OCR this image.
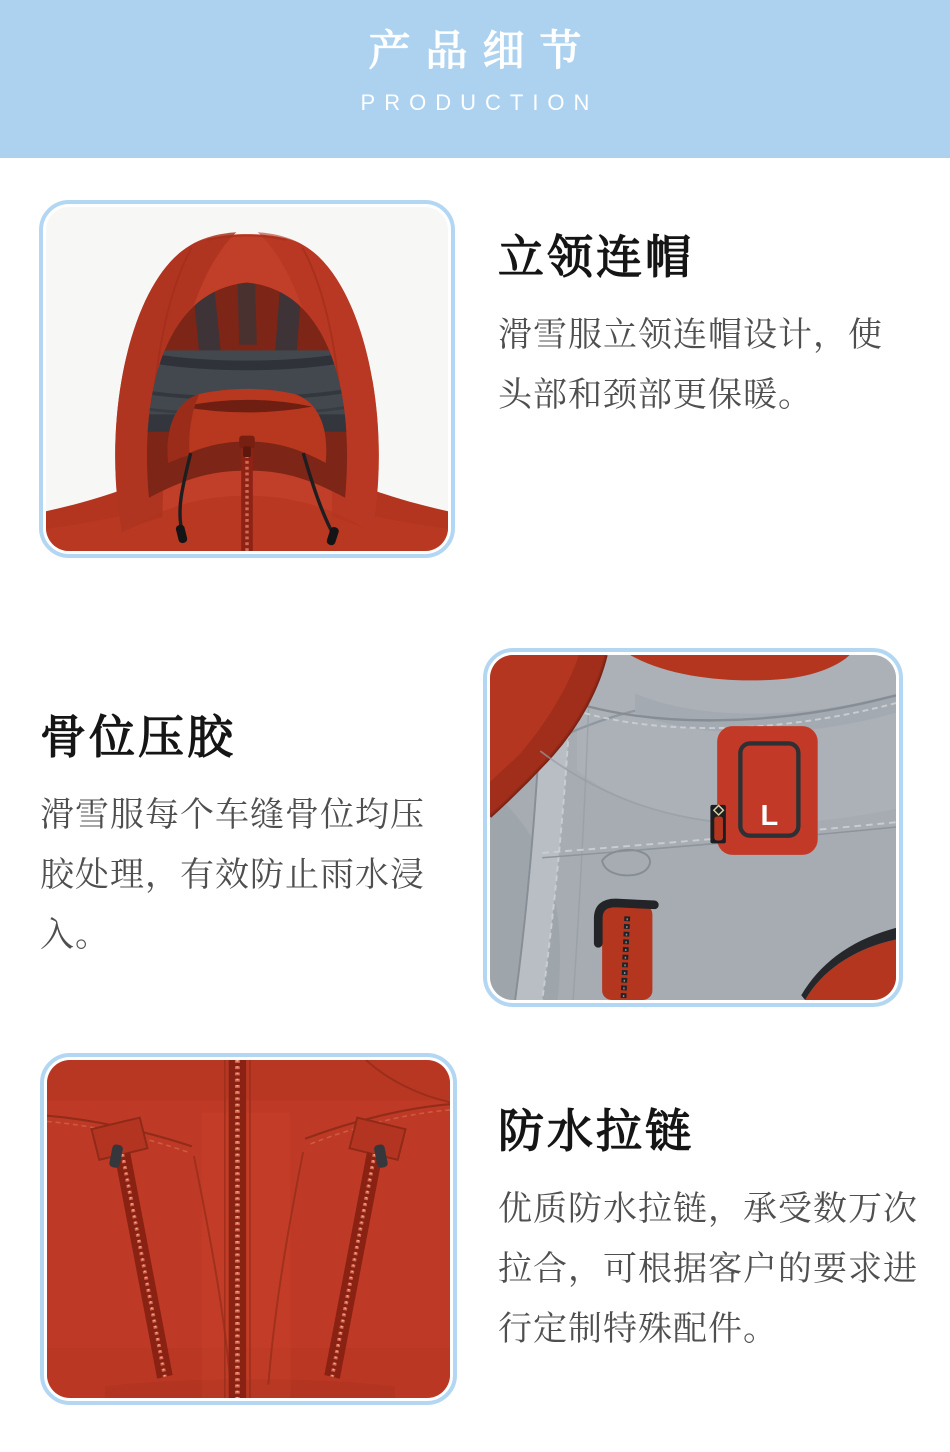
产品细节
PRODUCTION
立领连帽
滑雪服立领连帽设计，使
头部和颈部更保暖。
骨位压胶
滑雪服每个车缝骨位均压
胶处理，有效防止雨水浸
入。
L
防水拉链
优质防水拉链，承受数万次
拉合，可根据客户的要求进
行定制特殊配件。
